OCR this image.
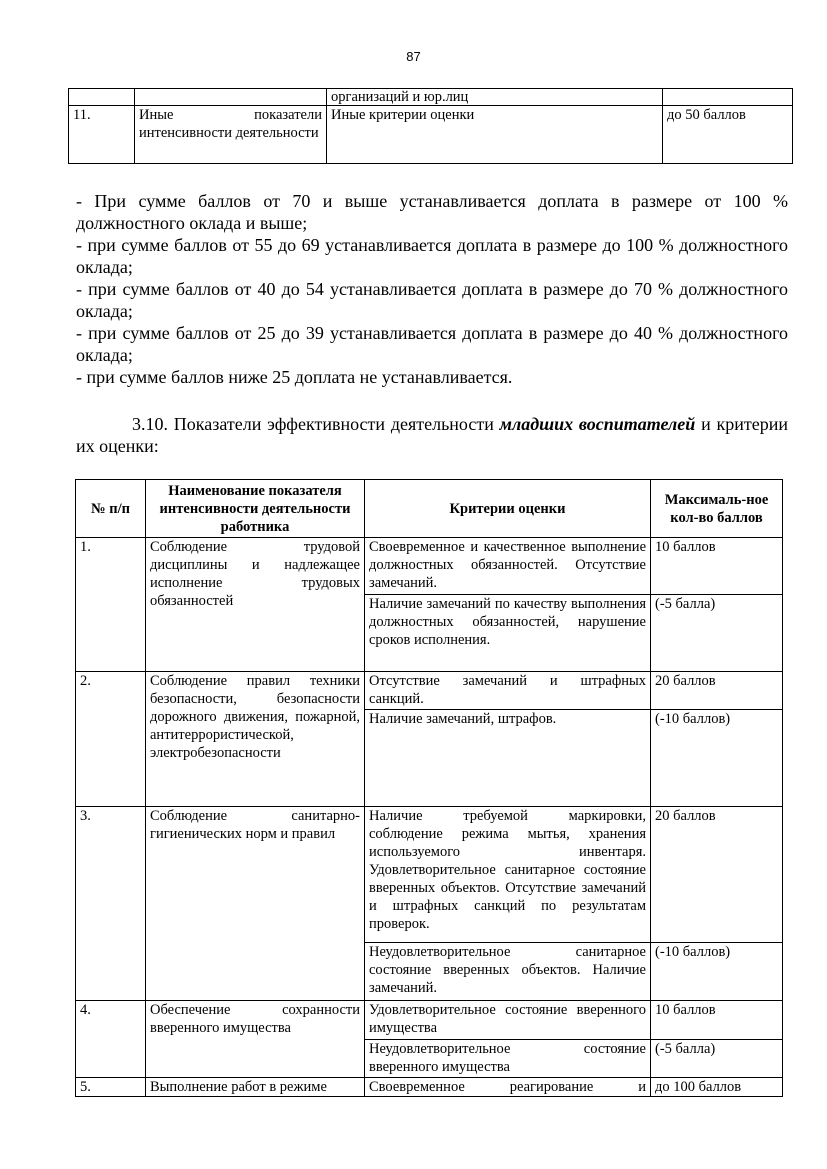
87
		организаций и юр.лиц	
11.	Иные показатели интенсивности деятельности	Иные критерии оценки	до 50 баллов

- При сумме баллов от 70 и выше устанавливается доплата в размере от 100 % должностного оклада и выше;

- при сумме баллов от 55 до 69 устанавливается доплата в размере до 100 % должностного оклада;

- при сумме баллов от 40 до 54 устанавливается доплата в размере до 70 % должностного оклада;

- при сумме баллов от 25 до 39 устанавливается доплата в размере до 40 % должностного оклада;

- при сумме баллов ниже 25 доплата не устанавливается.

3.10. Показатели эффективности деятельности младших воспитателей и критерии их оценки:
№ п/п	Наименование показателя интенсивности деятельности работника	Критерии оценки	Максималь-ное кол-во баллов
1.	Соблюдение трудовой дисциплины и надлежащее исполнение трудовых обязанностей	Своевременное и качественное выполнение должностных обязанностей. Отсутствие замечаний.	10 баллов
		Наличие замечаний по качеству выполнения должностных обязанностей, нарушение сроков исполнения.	(-5 балла)
2.	Соблюдение правил техники безопасности, безопасности дорожного движения, пожарной, антитеррористической, электробезопасности	Отсутствие замечаний и штрафных санкций.	20 баллов
		Наличие замечаний, штрафов.	(-10 баллов)
3.	Соблюдение санитарно-гигиенических норм и правил	Наличие требуемой маркировки, соблюдение режима мытья, хранения используемого инвентаря. Удовлетворительное санитарное состояние вверенных объектов. Отсутствие замечаний и штрафных санкций по результатам проверок.	20 баллов
		Неудовлетворительное санитарное состояние вверенных объектов. Наличие замечаний.	(-10 баллов)
4.	Обеспечение сохранности вверенного имущества	Удовлетворительное состояние вверенного имущества	10 баллов
		Неудовлетворительное состояние вверенного имущества	(-5 балла)
5.	Выполнение работ в режиме	Своевременное реагирование и	до 100 баллов
